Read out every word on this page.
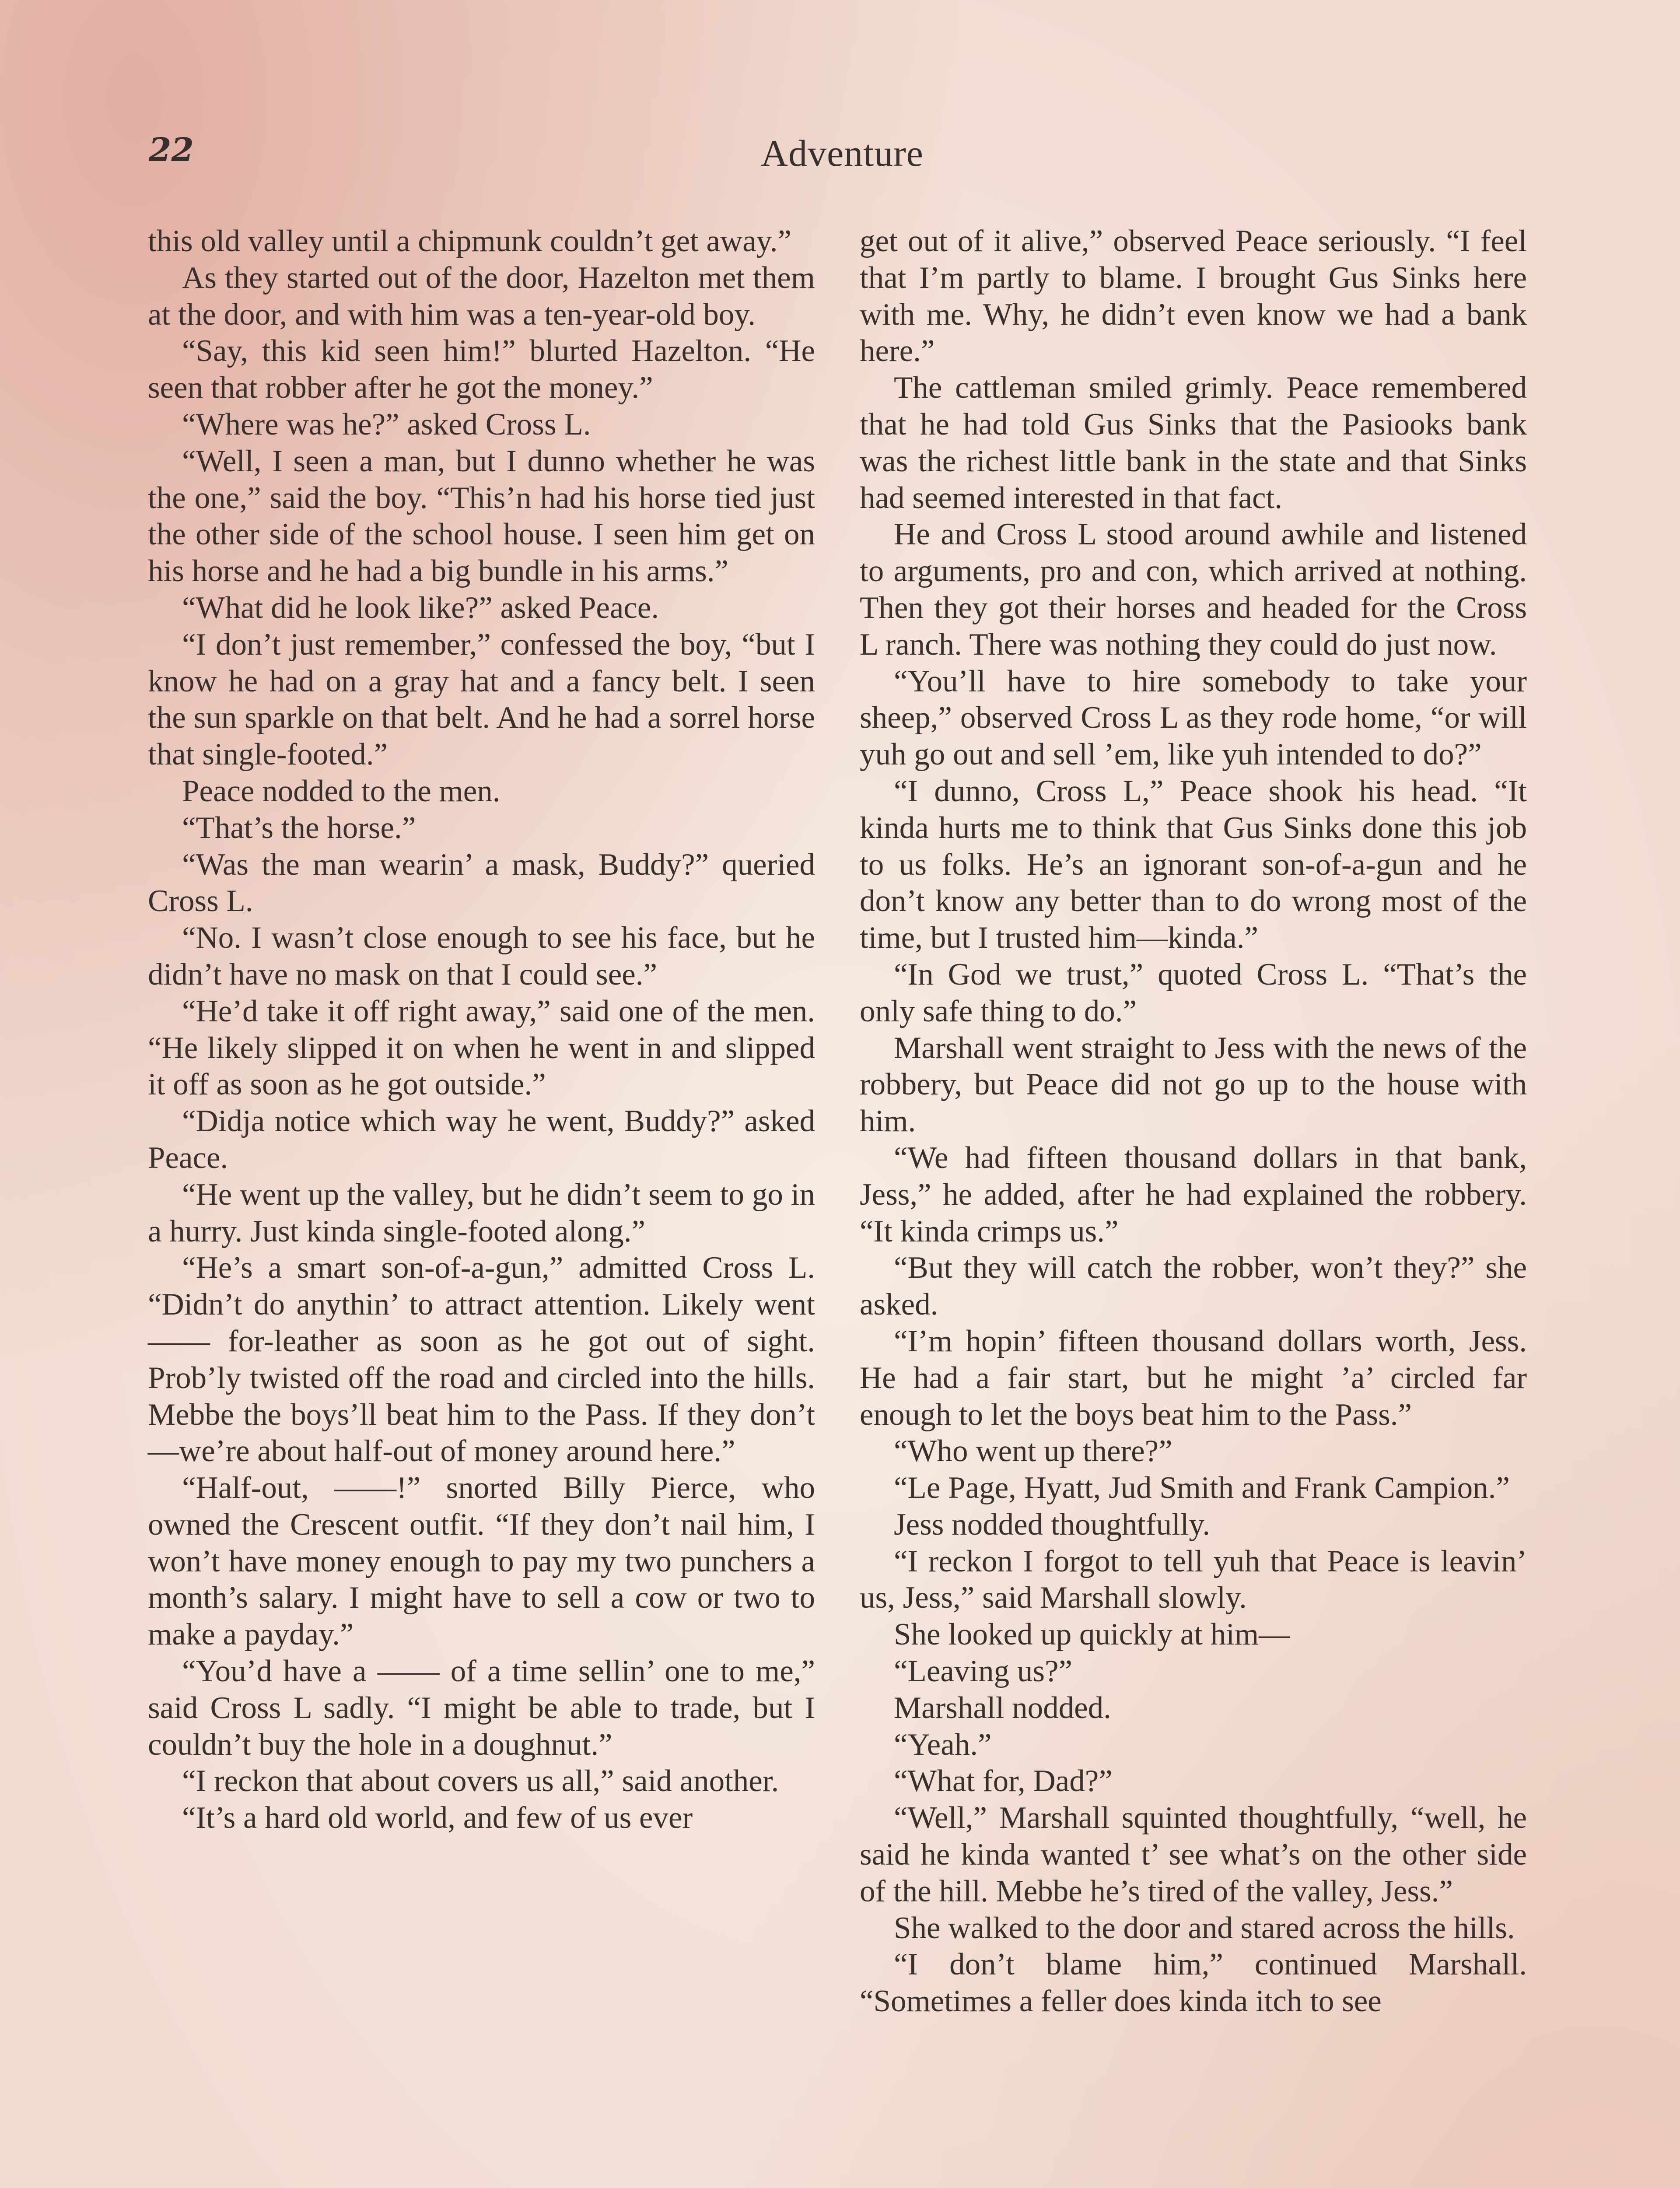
22	Adventure

this old valley until a chipmunk couldn’t get away.”

As they started out of the door, Hazelton met them at the door, and with him was a ten-year-old boy.

“Say, this kid seen him!” blurted Hazelton. “He seen that robber after he got the money.”

“Where was he?” asked Cross L.

“Well, I seen a man, but I dunno whether he was the one,” said the boy. “This’n had his horse tied just the other side of the school house. I seen him get on his horse and he had a big bundle in his arms.”

“What did he look like?” asked Peace.

“I don’t just remember,” confessed the boy, “but I know he had on a gray hat and a fancy belt. I seen the sun sparkle on that belt. And he had a sorrel horse that single-footed.”

Peace nodded to the men.

“That’s the horse.”

“Was the man wearin’ a mask, Buddy?” queried Cross L.

“No. I wasn’t close enough to see his face, but he didn’t have no mask on that I could see.”

“He’d take it off right away,” said one of the men. “He likely slipped it on when he went in and slipped it off as soon as he got outside.”

“Didja notice which way he went, Buddy?” asked Peace.

“He went up the valley, but he didn’t seem to go in a hurry. Just kinda single-footed along.”

“He’s a smart son-of-a-gun,” admitted Cross L. “Didn’t do anythin’ to attract attention. Likely went —— for-leather as soon as he got out of sight. Prob’ly twisted off the road and circled into the hills. Mebbe the boys’ll beat him to the Pass. If they don’t—we’re about half-out of money around here.”

“Half-out, ——!” snorted Billy Pierce, who owned the Crescent outfit. “If they don’t nail him, I won’t have money enough to pay my two punchers a month’s salary. I might have to sell a cow or two to make a payday.”

“You’d have a —— of a time sellin’ one to me,” said Cross L sadly. “I might be able to trade, but I couldn’t buy the hole in a doughnut.”

“I reckon that about covers us all,” said another.

“It’s a hard old world, and few of us ever

get out of it alive,” observed Peace seriously. “I feel that I’m partly to blame. I brought Gus Sinks here with me. Why, he didn’t even know we had a bank here.”

The cattleman smiled grimly. Peace remembered that he had told Gus Sinks that the Pasiooks bank was the richest little bank in the state and that Sinks had seemed interested in that fact.

He and Cross L stood around awhile and listened to arguments, pro and con, which arrived at nothing. Then they got their horses and headed for the Cross L ranch. There was nothing they could do just now.

“You’ll have to hire somebody to take your sheep,” observed Cross L as they rode home, “or will yuh go out and sell ’em, like yuh intended to do?”

“I dunno, Cross L,” Peace shook his head. “It kinda hurts me to think that Gus Sinks done this job to us folks. He’s an ignorant son-of-a-gun and he don’t know any better than to do wrong most of the time, but I trusted him—kinda.”

“In God we trust,” quoted Cross L. “That’s the only safe thing to do.”

Marshall went straight to Jess with the news of the robbery, but Peace did not go up to the house with him.

“We had fifteen thousand dollars in that bank, Jess,” he added, after he had explained the robbery. “It kinda crimps us.”

“But they will catch the robber, won’t they?” she asked.

“I’m hopin’ fifteen thousand dollars worth, Jess. He had a fair start, but he might ’a’ circled far enough to let the boys beat him to the Pass.”

“Who went up there?”

“Le Page, Hyatt, Jud Smith and Frank Campion.”

Jess nodded thoughtfully.

“I reckon I forgot to tell yuh that Peace is leavin’ us, Jess,” said Marshall slowly.

She looked up quickly at him—

“Leaving us?”

Marshall nodded.

“Yeah.”

“What for, Dad?”

“Well,” Marshall squinted thoughtfully, “well, he said he kinda wanted t’ see what’s on the other side of the hill. Mebbe he’s tired of the valley, Jess.”

She walked to the door and stared across the hills.

“I don’t blame him,” continued Marshall. “Sometimes a feller does kinda itch to see
